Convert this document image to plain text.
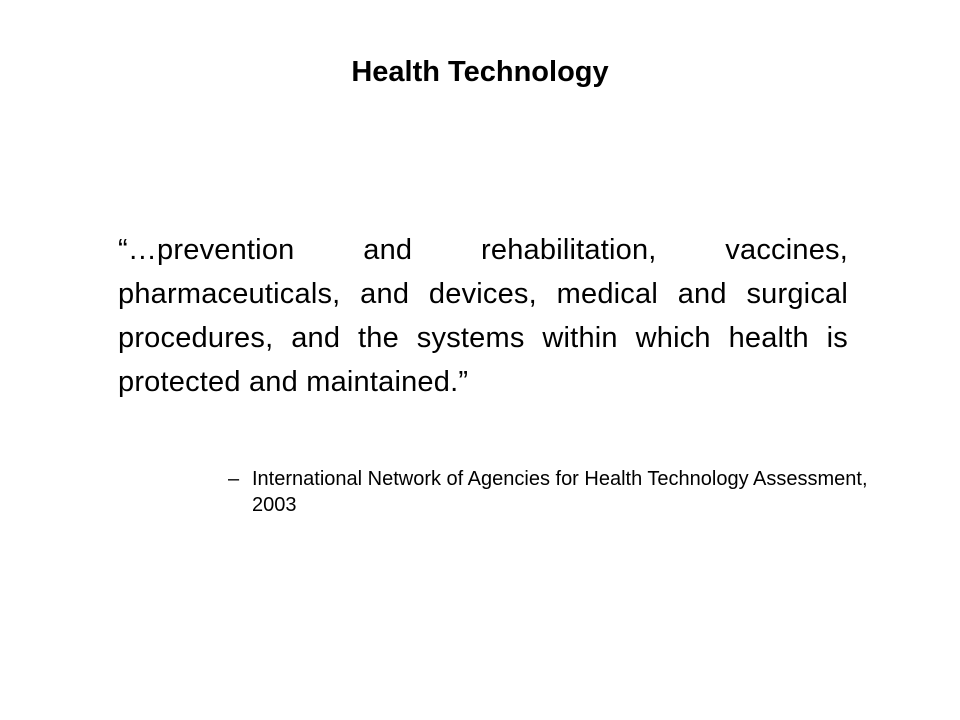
Health Technology
“…prevention and rehabilitation, vaccines, pharmaceuticals, and devices, medical and surgical procedures, and the systems within which health is protected and maintained.”
– International Network of Agencies for Health Technology Assessment, 2003
